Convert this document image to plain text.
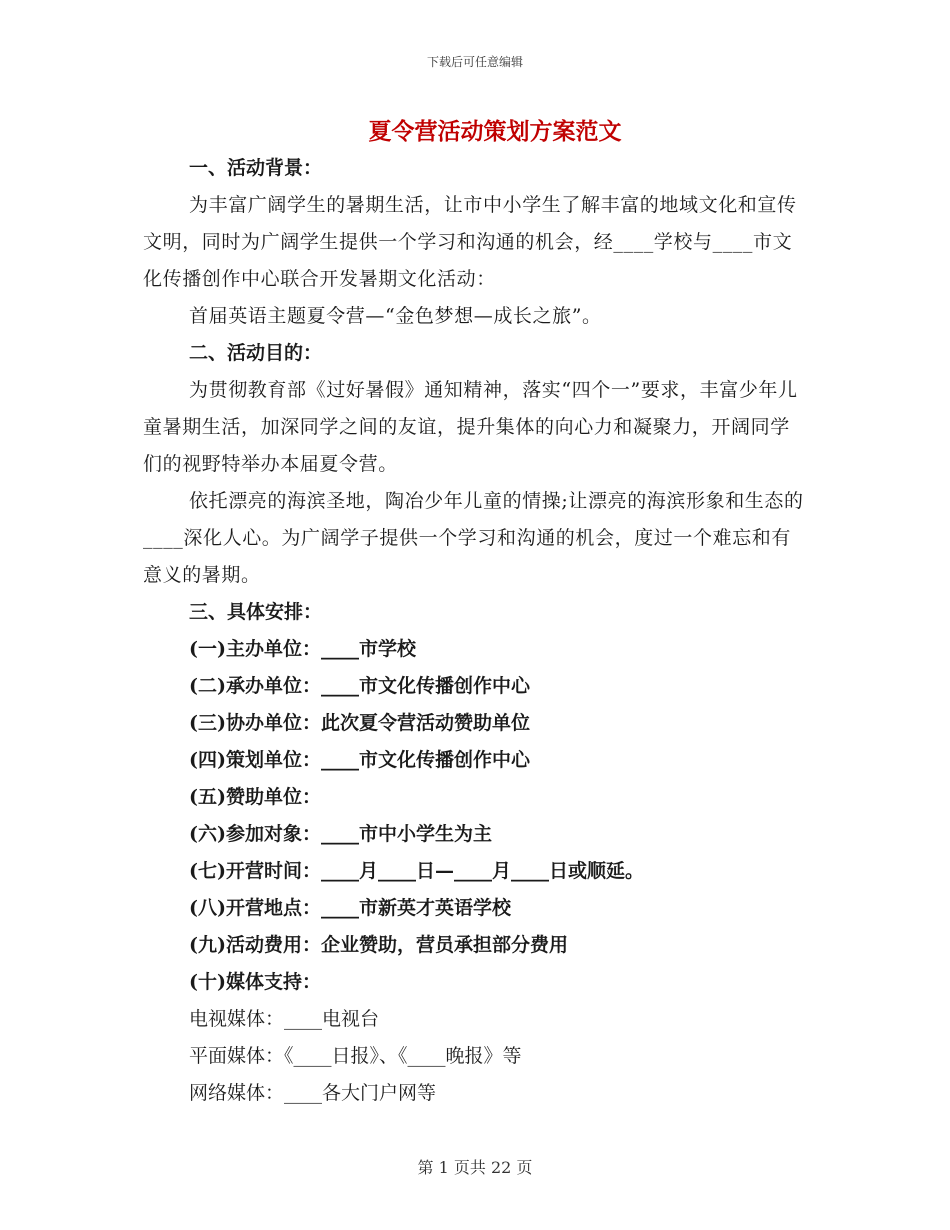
下载后可任意编辑
夏令营活动策划方案范文

一、活动背景：

为丰富广阔学生的暑期生活，让市中小学生了解丰富的地域文化和宣传文明，同时为广阔学生提供一个学习和沟通的机会，经____学校与____市文化传播创作中心联合开发暑期文化活动：

首届英语主题夏令营—“金色梦想—成长之旅”。

二、活动目的：

为贯彻教育部《过好暑假》通知精神，落实“四个一”要求，丰富少年儿童暑期生活，加深同学之间的友谊，提升集体的向心力和凝聚力，开阔同学们的视野特举办本届夏令营。

依托漂亮的海滨圣地，陶冶少年儿童的情操;让漂亮的海滨形象和生态的____深化人心。为广阔学子提供一个学习和沟通的机会，度过一个难忘和有意义的暑期。

三、具体安排：

(一)主办单位：____市学校

(二)承办单位：____市文化传播创作中心

(三)协办单位：此次夏令营活动赞助单位

(四)策划单位：____市文化传播创作中心

(五)赞助单位：

(六)参加对象：____市中小学生为主

(七)开营时间：____月____日—____月____日或顺延。

(八)开营地点：____市新英才英语学校

(九)活动费用：企业赞助，营员承担部分费用

(十)媒体支持：

电视媒体：____电视台

平面媒体：《____日报》、《____晚报》等

网络媒体：____各大门户网等

第 1 页共 22 页
